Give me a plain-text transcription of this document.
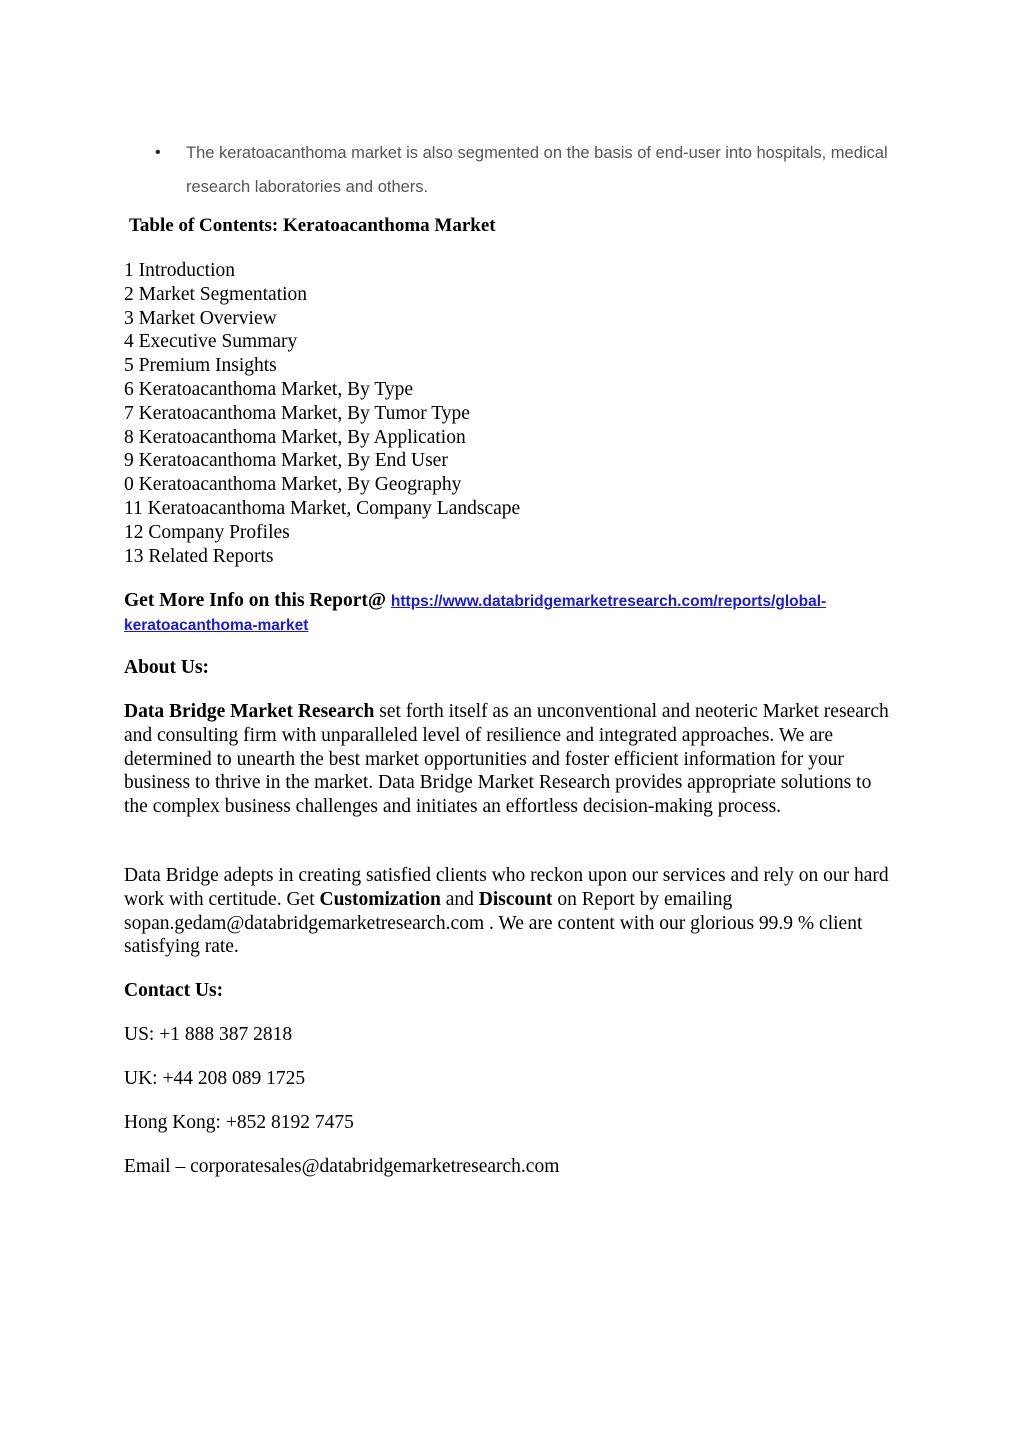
•	The keratoacanthoma market is also segmented on the basis of end-user into hospitals, medical research laboratories and others.
Table of Contents: Keratoacanthoma Market
1 Introduction
2 Market Segmentation
3 Market Overview
4 Executive Summary
5 Premium Insights
6 Keratoacanthoma Market, By Type
7 Keratoacanthoma Market, By Tumor Type
8 Keratoacanthoma Market, By Application
9 Keratoacanthoma Market, By End User
0 Keratoacanthoma Market, By Geography
11 Keratoacanthoma Market, Company Landscape
12 Company Profiles
13 Related Reports
Get More Info on this Report@ https://www.databridgemarketresearch.com/reports/global-
keratoacanthoma-market
About Us:
Data Bridge Market Research set forth itself as an unconventional and neoteric Market research and consulting firm with unparalleled level of resilience and integrated approaches. We are determined to unearth the best market opportunities and foster efficient information for your business to thrive in the market. Data Bridge Market Research provides appropriate solutions to the complex business challenges and initiates an effortless decision-making process.
Data Bridge adepts in creating satisfied clients who reckon upon our services and rely on our hard work with certitude. Get Customization and Discount on Report by emailing sopan.gedam@databridgemarketresearch.com . We are content with our glorious 99.9 % client satisfying rate.
Contact Us:
US: +1 888 387 2818
UK: +44 208 089 1725
Hong Kong: +852 8192 7475
Email – corporatesales@databridgemarketresearch.com
